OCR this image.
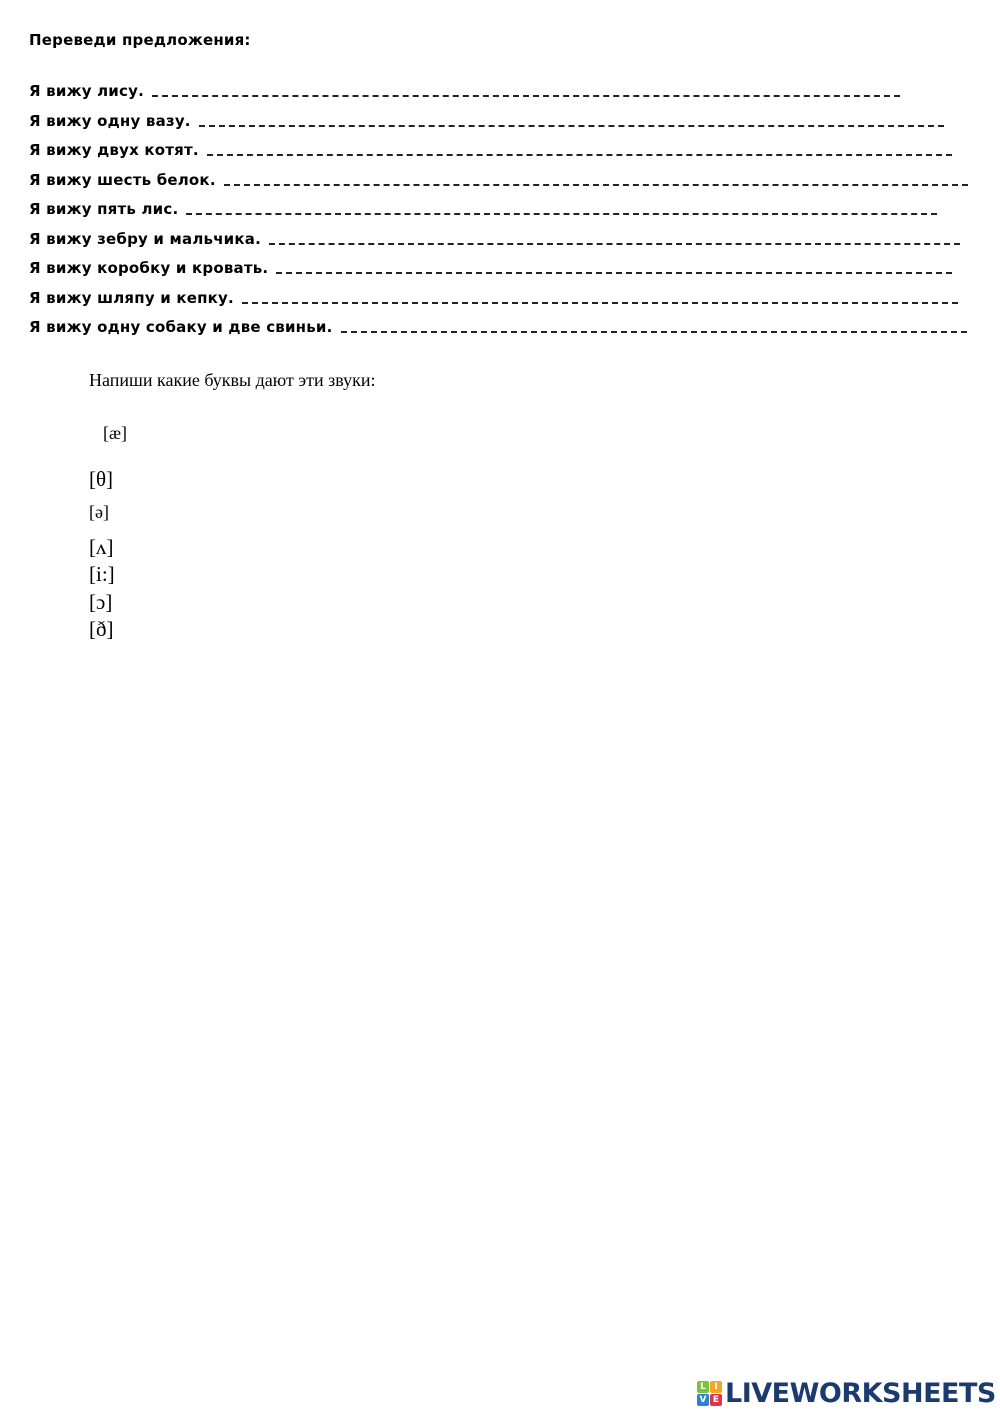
Переведи предложения:
Я вижу лису.
Я вижу одну вазу.
Я вижу двух котят.
Я вижу шесть белок.
Я вижу пять лис.
Я вижу зебру и мальчика.
Я вижу коробку и кровать.
Я вижу шляпу и кепку.
Я вижу одну собаку и две свиньи.
Напиши какие буквы дают эти звуки:
[æ]
[θ]
[ə]
[ʌ]
[i:]
[ɔ]
[ð]
L I
V E LIVEWORKSHEETS
